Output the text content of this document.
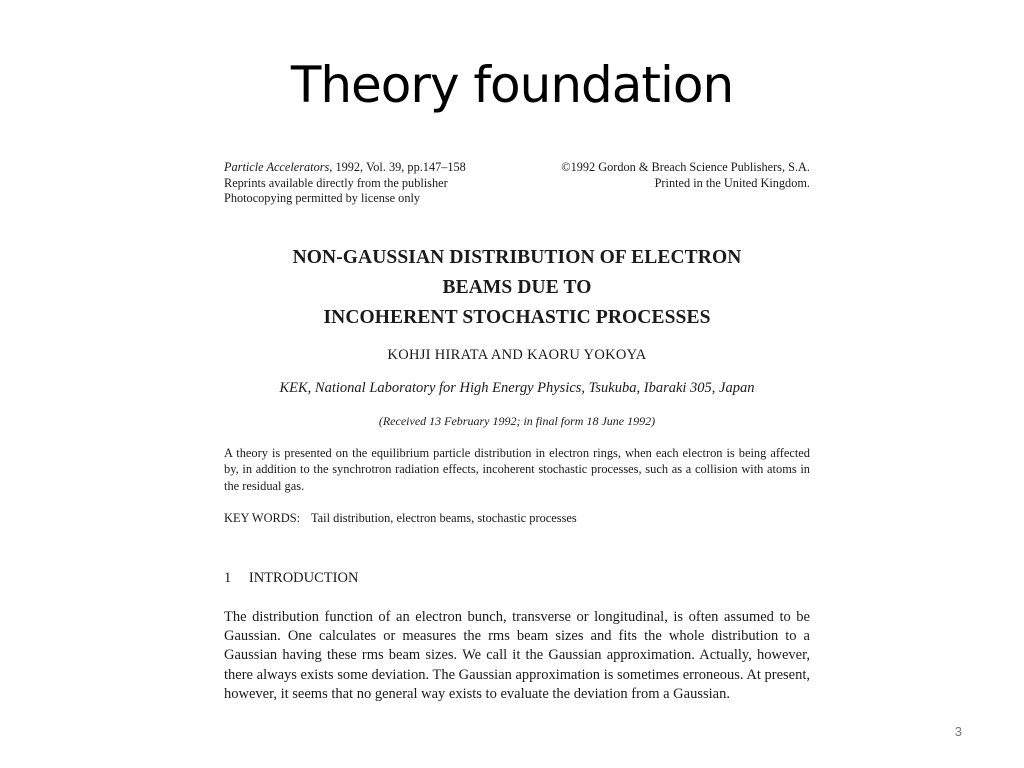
Theory foundation
Particle Accelerators, 1992, Vol. 39, pp.147–158
Reprints available directly from the publisher
Photocopying permitted by license only
©1992 Gordon & Breach Science Publishers, S.A.
Printed in the United Kingdom.
NON-GAUSSIAN DISTRIBUTION OF ELECTRON
BEAMS DUE TO
INCOHERENT STOCHASTIC PROCESSES
KOHJI HIRATA AND KAORU YOKOYA
KEK, National Laboratory for High Energy Physics, Tsukuba, Ibaraki 305, Japan
(Received 13 February 1992; in final form 18 June 1992)
A theory is presented on the equilibrium particle distribution in electron rings, when each electron is being affected by, in addition to the synchrotron radiation effects, incoherent stochastic processes, such as a collision with atoms in the residual gas.
KEY WORDS: Tail distribution, electron beams, stochastic processes
1 INTRODUCTION
The distribution function of an electron bunch, transverse or longitudinal, is often assumed to be Gaussian. One calculates or measures the rms beam sizes and fits the whole distribution to a Gaussian having these rms beam sizes. We call it the Gaussian approximation. Actually, however, there always exists some deviation. The Gaussian approximation is sometimes erroneous. At present, however, it seems that no general way exists to evaluate the deviation from a Gaussian.
3
